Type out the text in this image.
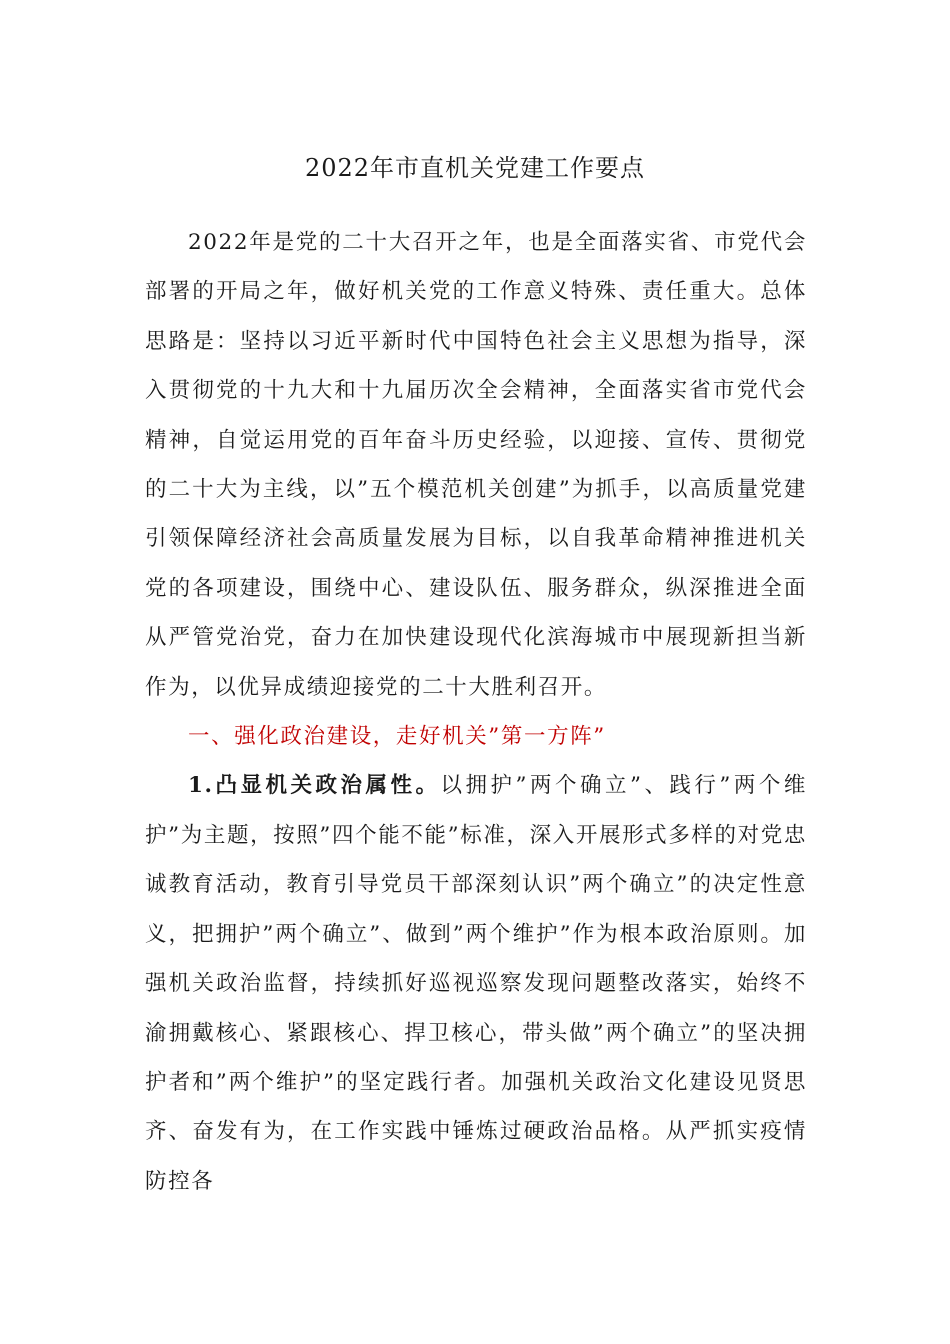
2022年市直机关党建工作要点

2022年是党的二十大召开之年，也是全面落实省、市党代会部署的开局之年，做好机关党的工作意义特殊、责任重大。总体思路是：坚持以习近平新时代中国特色社会主义思想为指导，深入贯彻党的十九大和十九届历次全会精神，全面落实省市党代会精神，自觉运用党的百年奋斗历史经验，以迎接、宣传、贯彻党的二十大为主线，以”五个模范机关创建”为抓手，以高质量党建引领保障经济社会高质量发展为目标，以自我革命精神推进机关党的各项建设，围绕中心、建设队伍、服务群众，纵深推进全面从严管党治党，奋力在加快建设现代化滨海城市中展现新担当新作为，以优异成绩迎接党的二十大胜利召开。

一、强化政治建设，走好机关”第一方阵”

1.凸显机关政治属性。以拥护”两个确立”、践行”两个维护”为主题，按照”四个能不能”标准，深入开展形式多样的对党忠诚教育活动，教育引导党员干部深刻认识”两个确立”的决定性意义，把拥护”两个确立”、做到”两个维护”作为根本政治原则。加强机关政治监督，持续抓好巡视巡察发现问题整改落实，始终不渝拥戴核心、紧跟核心、捍卫核心，带头做”两个确立”的坚决拥护者和”两个维护”的坚定践行者。加强机关政治文化建设见贤思齐、奋发有为，在工作实践中锤炼过硬政治品格。从严抓实疫情防控各
